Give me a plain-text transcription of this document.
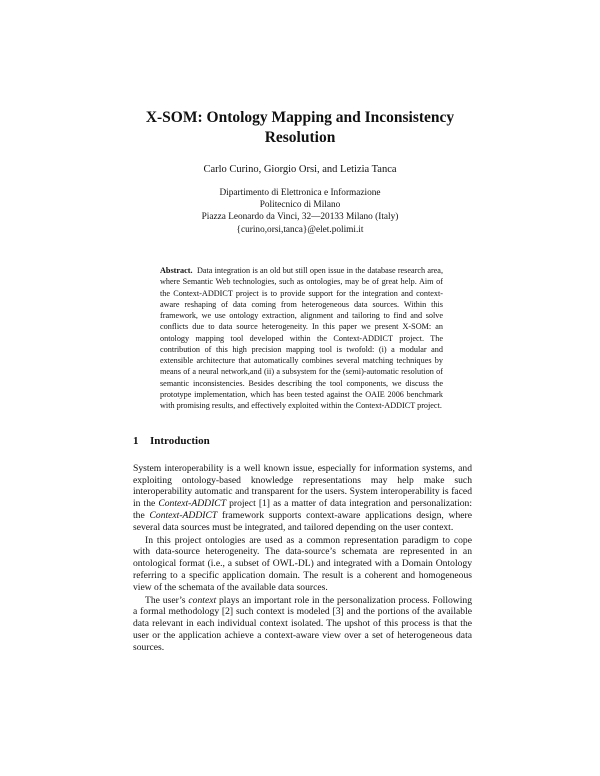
X-SOM: Ontology Mapping and Inconsistency Resolution
Carlo Curino, Giorgio Orsi, and Letizia Tanca
Dipartimento di Elettronica e Informazione
Politecnico di Milano
Piazza Leonardo da Vinci, 32—20133 Milano (Italy)
{curino,orsi,tanca}@elet.polimi.it
Abstract. Data integration is an old but still open issue in the database research area, where Semantic Web technologies, such as ontologies, may be of great help. Aim of the Context-ADDICT project is to provide support for the integration and context-aware reshaping of data coming from heterogeneous data sources. Within this framework, we use ontology extraction, alignment and tailoring to find and solve conflicts due to data source heterogeneity. In this paper we present X-SOM: an ontology mapping tool developed within the Context-ADDICT project. The contribution of this high precision mapping tool is twofold: (i) a modular and extensible architecture that automatically combines several matching techniques by means of a neural network,and (ii) a subsystem for the (semi)-automatic resolution of semantic inconsistencies. Besides describing the tool components, we discuss the prototype implementation, which has been tested against the OAIE 2006 benchmark with promising results, and effectively exploited within the Context-ADDICT project.
1 Introduction

System interoperability is a well known issue, especially for information systems, and exploiting ontology-based knowledge representations may help make such interoperability automatic and transparent for the users. System interoperability is faced in the Context-ADDICT project [1] as a matter of data integration and personalization: the Context-ADDICT framework supports context-aware applications design, where several data sources must be integrated, and tailored depending on the user context.

In this project ontologies are used as a common representation paradigm to cope with data-source heterogeneity. The data-source’s schemata are represented in an ontological format (i.e., a subset of OWL-DL) and integrated with a Domain Ontology referring to a specific application domain. The result is a coherent and homogeneous view of the schemata of the available data sources.

The user’s context plays an important role in the personalization process. Following a formal methodology [2] such context is modeled [3] and the portions of the available data relevant in each individual context isolated. The upshot of this process is that the user or the application achieve a context-aware view over a set of heterogeneous data sources.
